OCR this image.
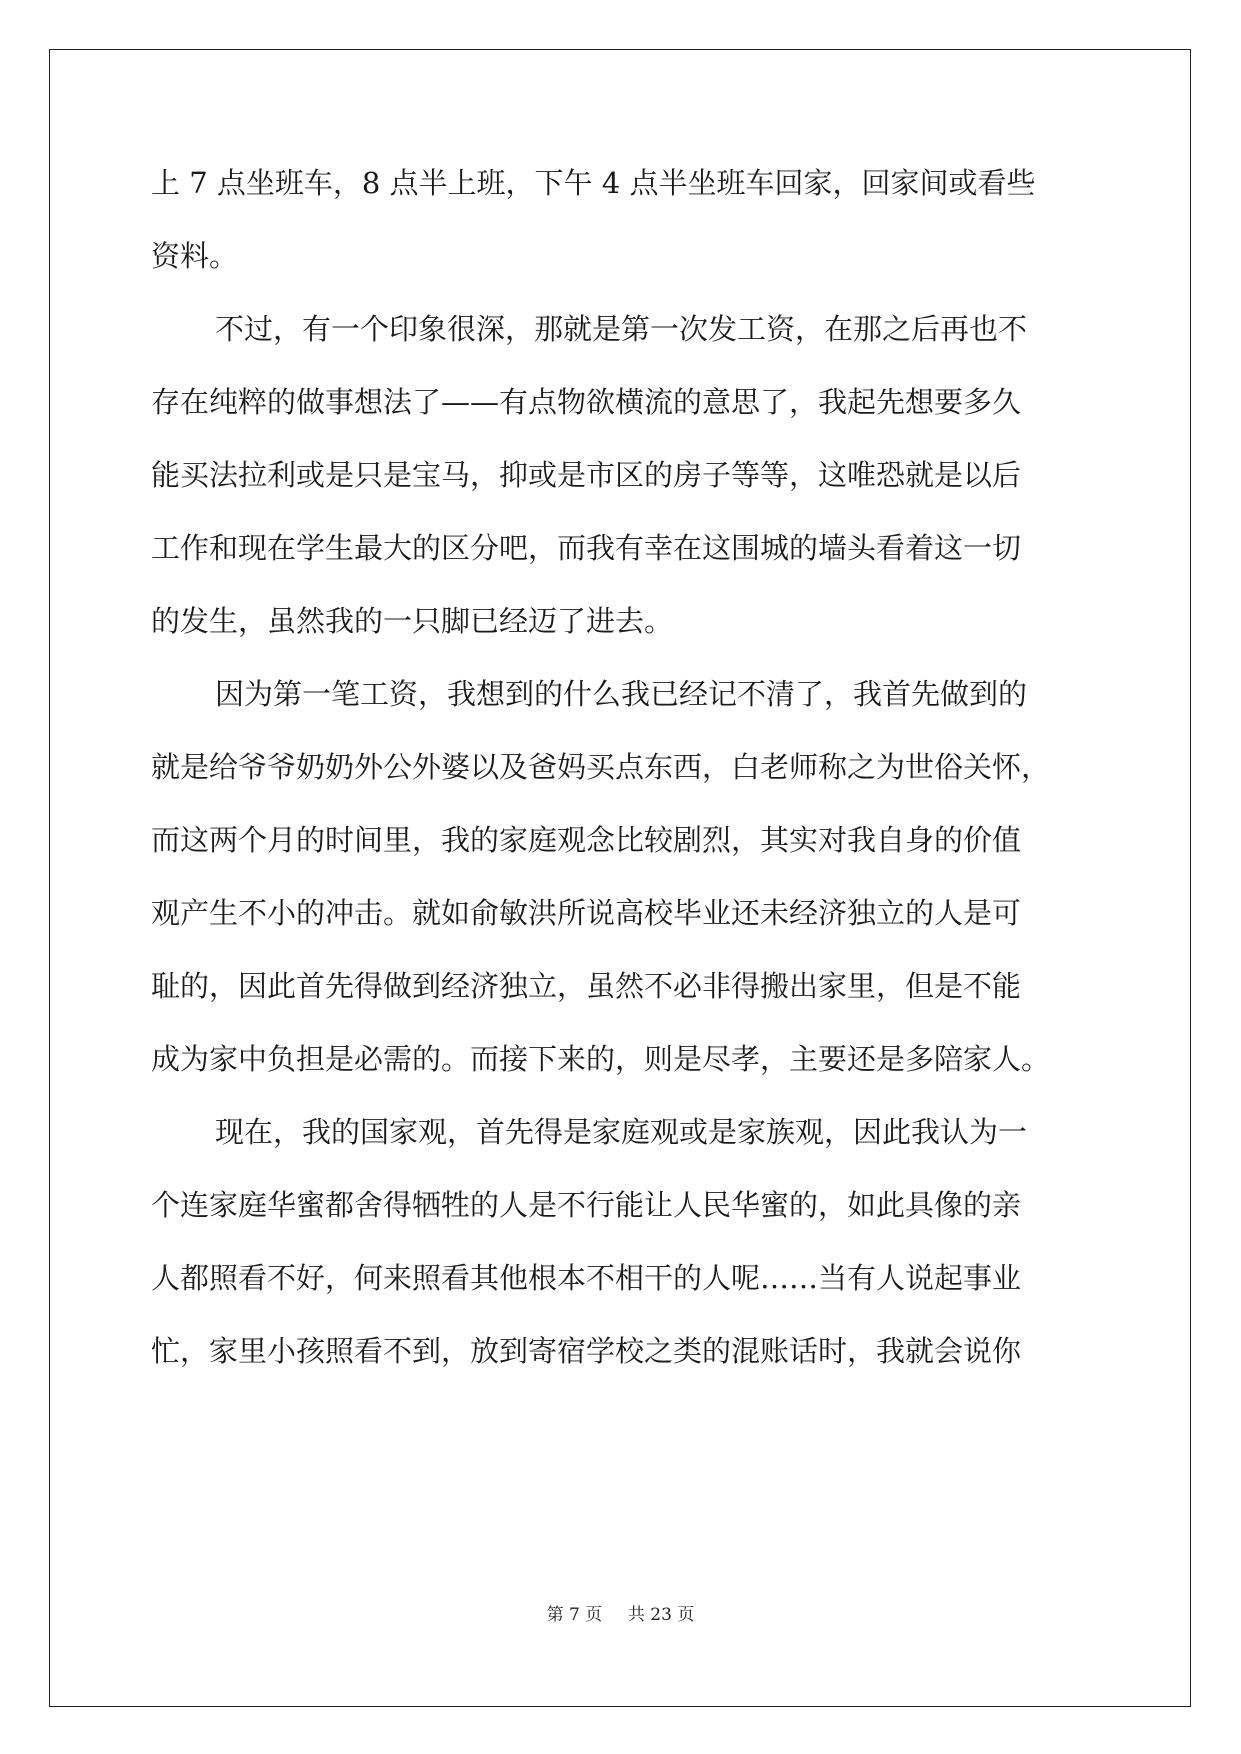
上 7 点坐班车，8 点半上班，下午 4 点半坐班车回家，回家间或看些
资料。
不过，有一个印象很深，那就是第一次发工资，在那之后再也不
存在纯粹的做事想法了——有点物欲横流的意思了，我起先想要多久
能买法拉利或是只是宝马，抑或是市区的房子等等，这唯恐就是以后
工作和现在学生最大的区分吧，而我有幸在这围城的墙头看着这一切
的发生，虽然我的一只脚已经迈了进去。
因为第一笔工资，我想到的什么我已经记不清了，我首先做到的
就是给爷爷奶奶外公外婆以及爸妈买点东西，白老师称之为世俗关怀，
而这两个月的时间里，我的家庭观念比较剧烈，其实对我自身的价值
观产生不小的冲击。就如俞敏洪所说高校毕业还未经济独立的人是可
耻的，因此首先得做到经济独立，虽然不必非得搬出家里，但是不能
成为家中负担是必需的。而接下来的，则是尽孝，主要还是多陪家人。
现在，我的国家观，首先得是家庭观或是家族观，因此我认为一
个连家庭华蜜都舍得牺牲的人是不行能让人民华蜜的，如此具像的亲
人都照看不好，何来照看其他根本不相干的人呢……当有人说起事业
忙，家里小孩照看不到，放到寄宿学校之类的混账话时，我就会说你
第 7 页 共 23 页
